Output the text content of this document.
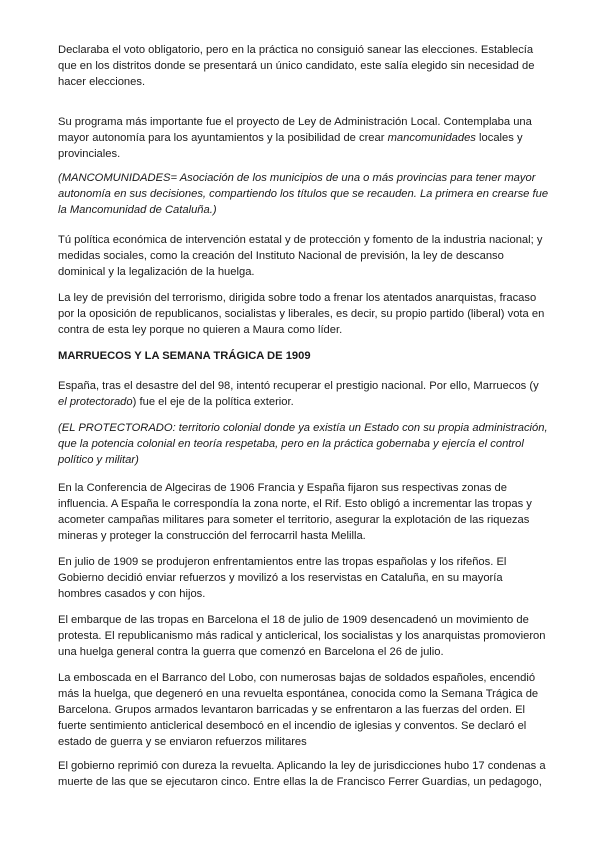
Declaraba el voto obligatorio, pero en la práctica no consiguió sanear las elecciones. Establecía
que en los distritos donde se presentará un único candidato, este salía elegido sin necesidad de
hacer elecciones.

Su programa más importante fue el proyecto de Ley de Administración Local. Contemplaba una
mayor autonomía para los ayuntamientos y la posibilidad de crear mancomunidades locales y
provinciales.

(MANCOMUNIDADES= Asociación de los municipios de una o más provincias para tener mayor
autonomía en sus decisiones, compartiendo los títulos que se recauden. La primera en crearse fue
la Mancomunidad de Cataluña.)

Tú política económica de intervención estatal y de protección y fomento de la industria nacional; y
medidas sociales, como la creación del Instituto Nacional de previsión, la ley de descanso
dominical y la legalización de la huelga.

La ley de previsión del terrorismo, dirigida sobre todo a frenar los atentados anarquistas, fracaso
por la oposición de republicanos, socialistas y liberales, es decir, su propio partido (liberal) vota en
contra de esta ley porque no quieren a Maura como líder.

MARRUECOS Y LA SEMANA TRÁGICA DE 1909

España, tras el desastre del del 98, intentó recuperar el prestigio nacional. Por ello, Marruecos (y
el protectorado) fue el eje de la política exterior.

(EL PROTECTORADO: territorio colonial donde ya existía un Estado con su propia administración,
que la potencia colonial en teoría respetaba, pero en la práctica gobernaba y ejercía el control
político y militar)

En la Conferencia de Algeciras de 1906 Francia y España fijaron sus respectivas zonas de
influencia. A España le correspondía la zona norte, el Rif. Esto obligó a incrementar las tropas y
acometer campañas militares para someter el territorio, asegurar la explotación de las riquezas
mineras y proteger la construcción del ferrocarril hasta Melilla.

En julio de 1909 se produjeron enfrentamientos entre las tropas españolas y los rifeños. El
Gobierno decidió enviar refuerzos y movilizó a los reservistas en Cataluña, en su mayoría
hombres casados y con hijos.

El embarque de las tropas en Barcelona el 18 de julio de 1909 desencadenó un movimiento de
protesta. El republicanismo más radical y anticlerical, los socialistas y los anarquistas promovieron
una huelga general contra la guerra que comenzó en Barcelona el 26 de julio.

La emboscada en el Barranco del Lobo, con numerosas bajas de soldados españoles, encendió
más la huelga, que degeneró en una revuelta espontánea, conocida como la Semana Trágica de
Barcelona. Grupos armados levantaron barricadas y se enfrentaron a las fuerzas del orden. El
fuerte sentimiento anticlerical desembocó en el incendio de iglesias y conventos. Se declaró el
estado de guerra y se enviaron refuerzos militares

El gobierno reprimió con dureza la revuelta. Aplicando la ley de jurisdicciones hubo 17 condenas a
muerte de las que se ejecutaron cinco. Entre ellas la de Francisco Ferrer Guardias, un pedagogo,
